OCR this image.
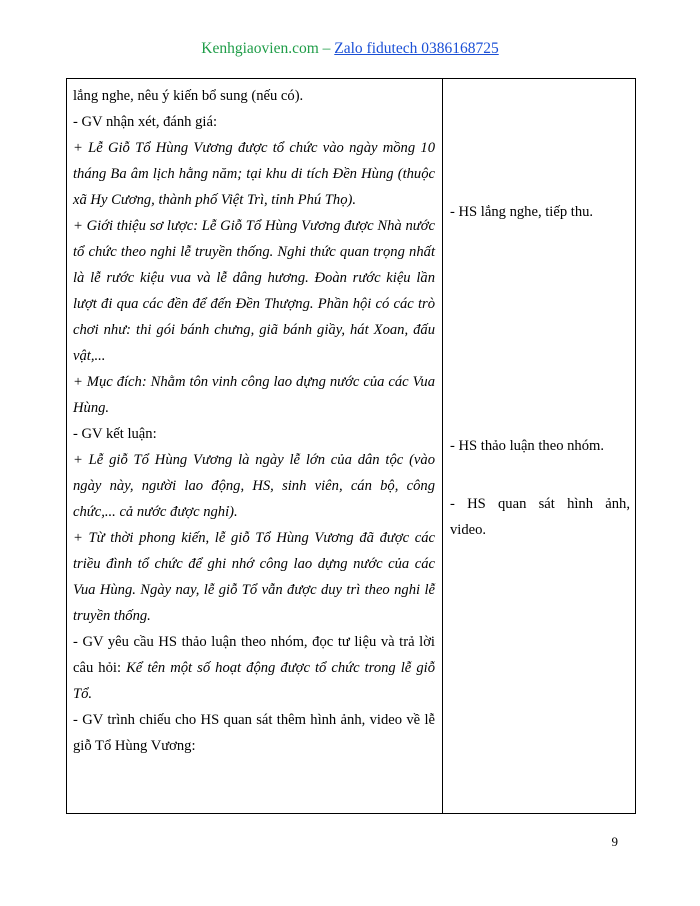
Kenhgiaovien.com – Zalo fidutech 0386168725

lắng nghe, nêu ý kiến bổ sung (nếu có).

- GV nhận xét, đánh giá:

+ Lễ Giỗ Tổ Hùng Vương được tổ chức vào ngày mồng 10 tháng Ba âm lịch hằng năm; tại khu di tích Đền Hùng (thuộc xã Hy Cương, thành phố Việt Trì, tỉnh Phú Thọ).

+ Giới thiệu sơ lược: Lễ Giỗ Tổ Hùng Vương được Nhà nước tổ chức theo nghi lễ truyền thống. Nghi thức quan trọng nhất là lễ rước kiệu vua và lễ dâng hương. Đoàn rước kiệu lần lượt đi qua các đền để đến Đền Thượng. Phần hội có các trò chơi như: thi gói bánh chưng, giã bánh giầy, hát Xoan, đấu vật,...

+ Mục đích: Nhằm tôn vinh công lao dựng nước của các Vua Hùng.

- GV kết luận:

+ Lễ giỗ Tổ Hùng Vương là ngày lễ lớn của dân tộc (vào ngày này, người lao động, HS, sinh viên, cán bộ, công chức,... cả nước được nghỉ).

+ Từ thời phong kiến, lễ giỗ Tổ Hùng Vương đã được các triều đình tổ chức để ghi nhớ công lao dựng nước của các Vua Hùng. Ngày nay, lễ giỗ Tổ vẫn được duy trì theo nghi lễ truyền thống.

- GV yêu cầu HS thảo luận theo nhóm, đọc tư liệu và trả lời câu hỏi: Kể tên một số hoạt động được tổ chức trong lễ giỗ Tổ.

- GV trình chiếu cho HS quan sát thêm hình ảnh, video về lễ giỗ Tổ Hùng Vương:

- HS lắng nghe, tiếp thu.

- HS thảo luận theo nhóm.

- HS quan sát hình ảnh, video.

9
